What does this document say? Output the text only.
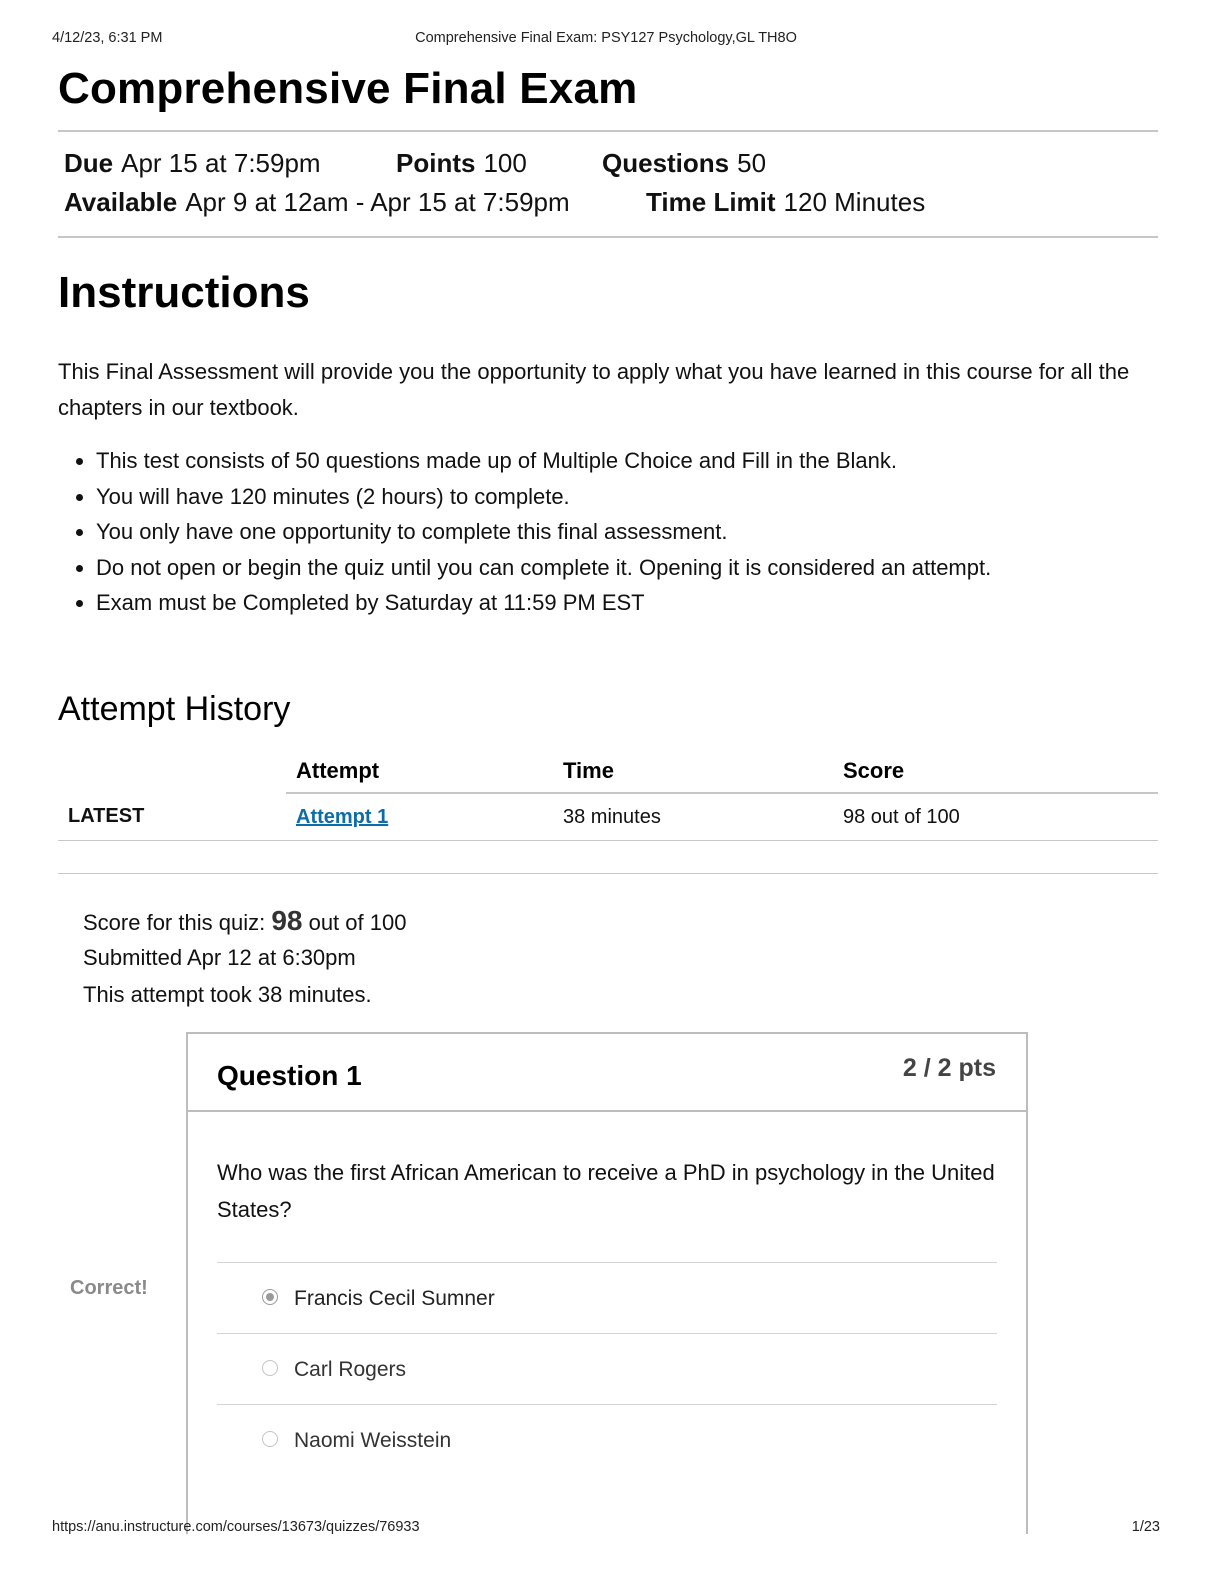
4/12/23, 6:31 PM	Comprehensive Final Exam: PSY127 Psychology,GL TH8O
Comprehensive Final Exam
Due Apr 15 at 7:59pm	Points 100	Questions 50
Available Apr 9 at 12am - Apr 15 at 7:59pm	Time Limit 120 Minutes
Instructions

This Final Assessment will provide you the opportunity to apply what you have learned in this course for all the chapters in our textbook.

• This test consists of 50 questions made up of Multiple Choice and Fill in the Blank.
• You will have 120 minutes (2 hours) to complete.
• You only have one opportunity to complete this final assessment.
• Do not open or begin the quiz until you can complete it. Opening it is considered an attempt.
• Exam must be Completed by Saturday at 11:59 PM EST
Attempt History
	Attempt	Time	Score
LATEST	Attempt 1	38 minutes	98 out of 100
Score for this quiz: 98 out of 100
Submitted Apr 12 at 6:30pm
This attempt took 38 minutes.
Correct!
Question 1	2 / 2 pts
Who was the first African American to receive a PhD in psychology in the United States?
Francis Cecil Sumner
Carl Rogers
Naomi Weisstein
https://anu.instructure.com/courses/13673/quizzes/76933	1/23
